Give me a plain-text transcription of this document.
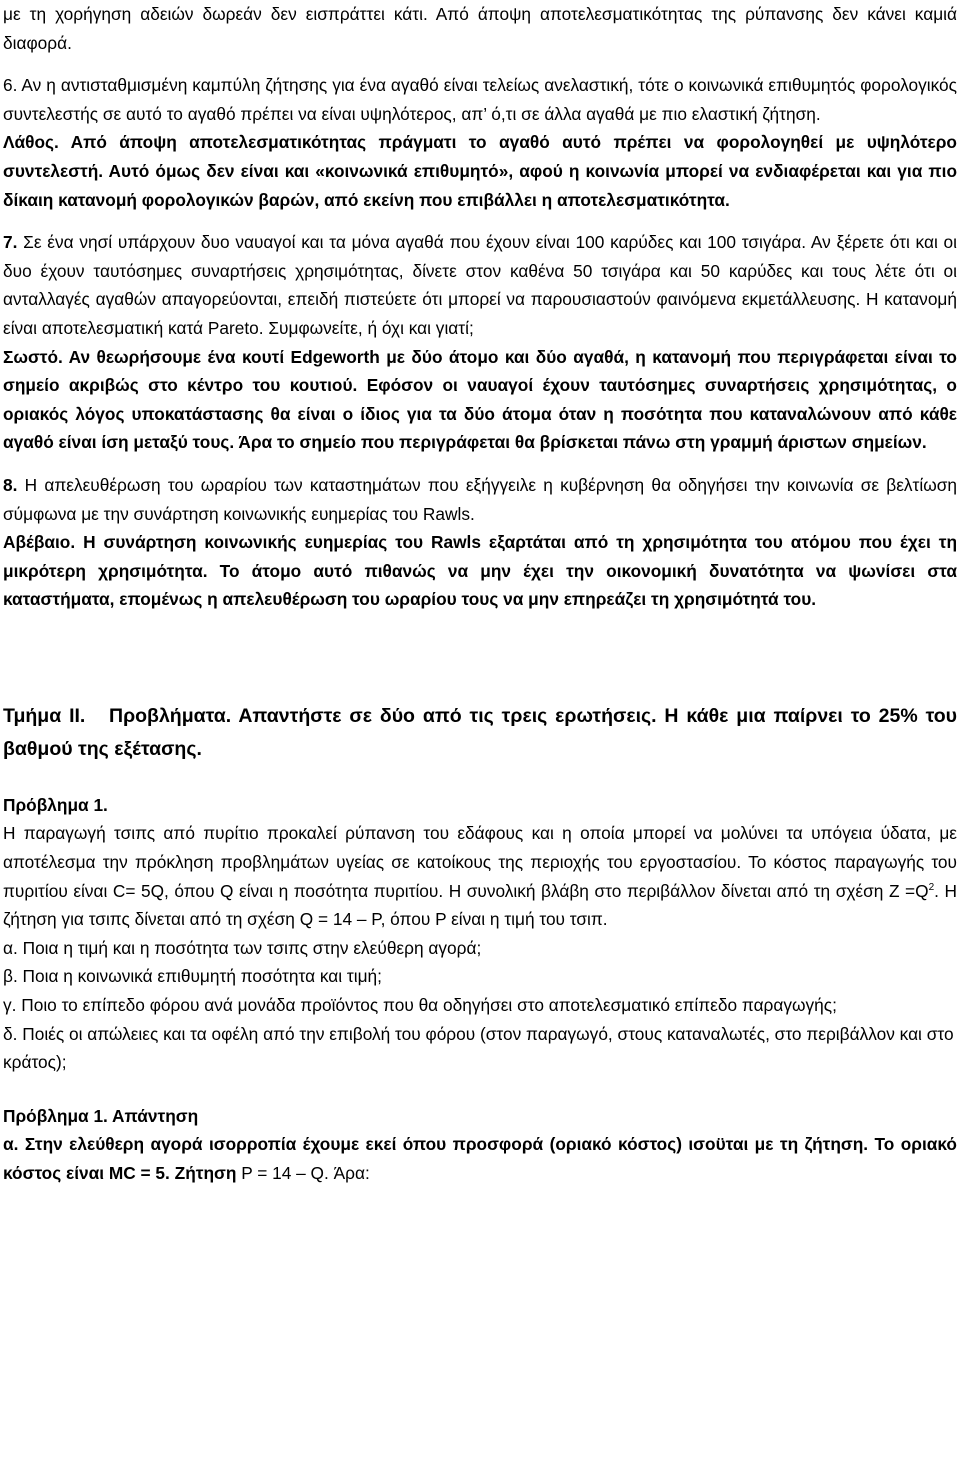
με τη χορήγηση αδειών δωρεάν δεν εισπράττει κάτι. Από άποψη αποτελεσματικότητας της ρύπανσης δεν κάνει καμιά διαφορά.

6. Αν η αντισταθμισμένη καμπύλη ζήτησης για ένα αγαθό είναι τελείως ανελαστική, τότε ο κοινωνικά επιθυμητός φορολογικός συντελεστής σε αυτό το αγαθό πρέπει να είναι υψηλότερος, απ’ ό,τι σε άλλα αγαθά με πιο ελαστική ζήτηση.

Λάθος. Από άποψη αποτελεσματικότητας πράγματι το αγαθό αυτό πρέπει να φορολογηθεί με υψηλότερο συντελεστή. Αυτό όμως δεν είναι και «κοινωνικά επιθυμητό», αφού η κοινωνία μπορεί να ενδιαφέρεται και για πιο δίκαιη κατανομή φορολογικών βαρών, από εκείνη που επιβάλλει η αποτελεσματικότητα.

7. Σε ένα νησί υπάρχουν δυο ναυαγοί και τα μόνα αγαθά που έχουν είναι 100 καρύδες και 100 τσιγάρα. Αν ξέρετε ότι και οι δυο έχουν ταυτόσημες συναρτήσεις χρησιμότητας, δίνετε στον καθένα 50 τσιγάρα και 50 καρύδες και τους λέτε ότι οι ανταλλαγές αγαθών απαγορεύονται, επειδή πιστεύετε ότι μπορεί να παρουσιαστούν φαινόμενα εκμετάλλευσης. Η κατανομή είναι αποτελεσματική κατά Pareto. Συμφωνείτε, ή όχι και γιατί;

Σωστό. Αν θεωρήσουμε ένα κουτί Edgeworth με δύο άτομο και δύο αγαθά, η κατανομή που περιγράφεται είναι το σημείο ακριβώς στο κέντρο του κουτιού. Εφόσον οι ναυαγοί έχουν ταυτόσημες συναρτήσεις χρησιμότητας, ο οριακός λόγος υποκατάστασης θα είναι ο ίδιος για τα δύο άτομα όταν η ποσότητα που καταναλώνουν από κάθε αγαθό είναι ίση μεταξύ τους. Άρα το σημείο που περιγράφεται θα βρίσκεται πάνω στη γραμμή άριστων σημείων.

8. Η απελευθέρωση του ωραρίου των καταστημάτων που εξήγγειλε η κυβέρνηση θα οδηγήσει την κοινωνία σε βελτίωση σύμφωνα με την συνάρτηση κοινωνικής ευημερίας του Rawls.

Αβέβαιο. Η συνάρτηση κοινωνικής ευημερίας του Rawls εξαρτάται από τη χρησιμότητα του ατόμου που έχει τη μικρότερη χρησιμότητα. Το άτομο αυτό πιθανώς να μην έχει την οικονομική δυνατότητα να ψωνίσει στα καταστήματα, επομένως η απελευθέρωση του ωραρίου τους να μην επηρεάζει τη χρησιμότητά του.

Τμήμα ΙΙ. Προβλήματα. Απαντήστε σε δύο από τις τρεις ερωτήσεις. Η κάθε μια παίρνει το 25% του βαθμού της εξέτασης.

Πρόβλημα 1.

Η παραγωγή τσιπς από πυρίτιο προκαλεί ρύπανση του εδάφους και η οποία μπορεί να μολύνει τα υπόγεια ύδατα, με αποτέλεσμα την πρόκληση προβλημάτων υγείας σε κατοίκους της περιοχής του εργοστασίου. Το κόστος παραγωγής του πυριτίου είναι C= 5Q, όπου Q είναι η ποσότητα πυριτίου. Η συνολική βλάβη στο περιβάλλον δίνεται από τη σχέση $Z =Q^2$. Η ζήτηση για τσιπς δίνεται από τη σχέση Q = 14 – P, όπου P είναι η τιμή του τσιπ.

α. Ποια η τιμή και η ποσότητα των τσιπς στην ελεύθερη αγορά;

β. Ποια η κοινωνικά επιθυμητή ποσότητα και τιμή;

γ. Ποιο το επίπεδο φόρου ανά μονάδα προϊόντος που θα οδηγήσει στο αποτελεσματικό επίπεδο παραγωγής;

δ. Ποιές οι απώλειες και τα οφέλη από την επιβολή του φόρου (στον παραγωγό, στους καταναλωτές, στο περιβάλλον και στο κράτος);

Πρόβλημα 1. Απάντηση

α. Στην ελεύθερη αγορά ισορροπία έχουμε εκεί όπου προσφορά (οριακό κόστος) ισοϋται με τη ζήτηση. Το οριακό κόστος είναι MC = 5. Ζήτηση P = 14 – Q. Άρα:
